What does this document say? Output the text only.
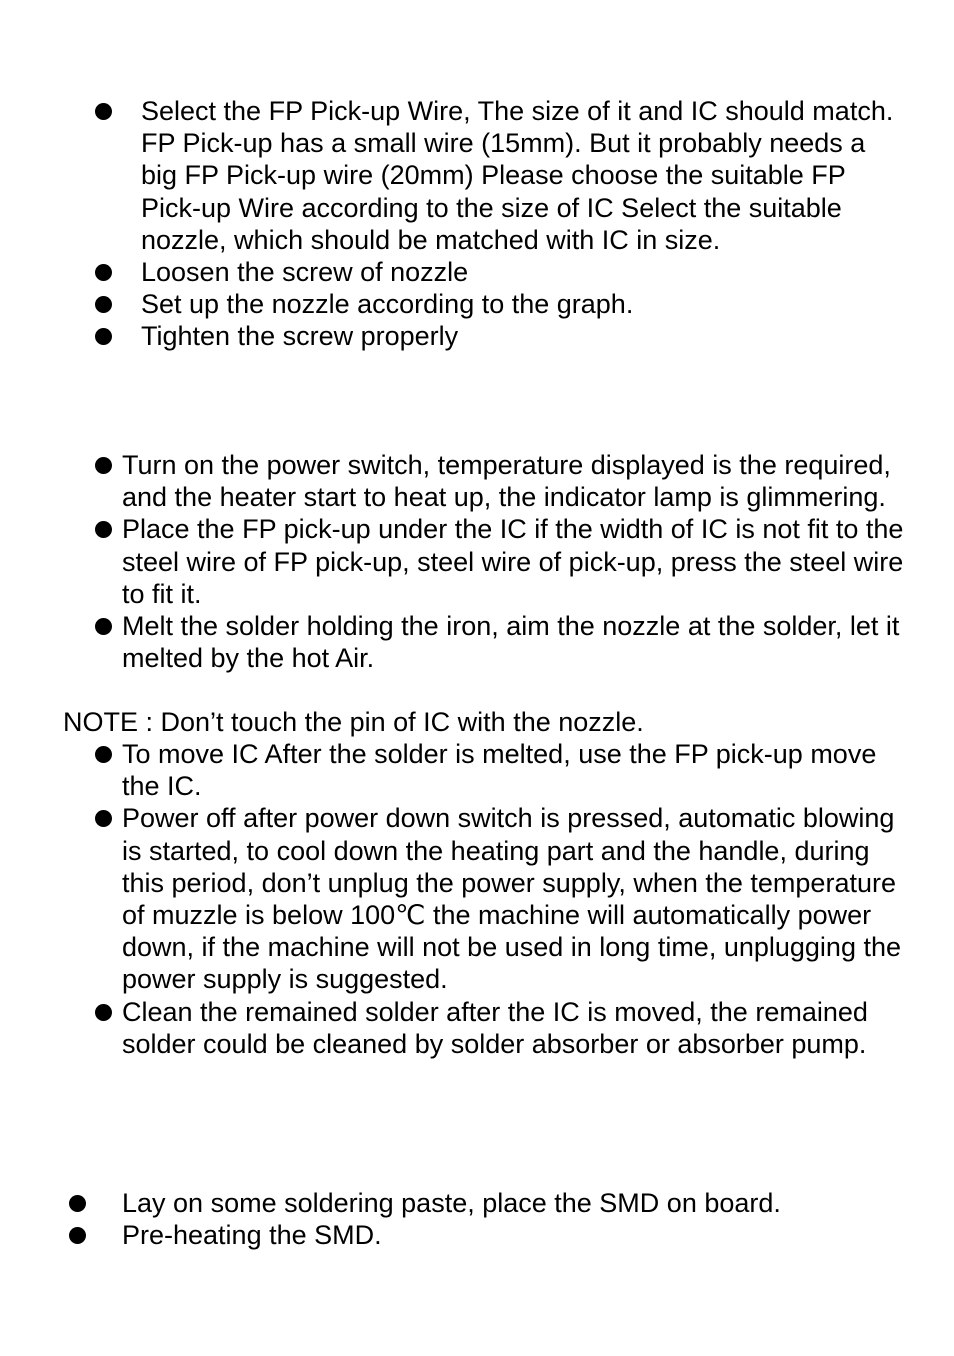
Select the FP Pick-up Wire, The size of it and IC should match. FP Pick-up has a small wire (15mm). But it probably needs a big FP Pick-up wire (20mm) Please choose the suitable FP Pick-up Wire according to the size of IC Select the suitable nozzle, which should be matched with IC in size.
Loosen the screw of nozzle
Set up the nozzle according to the graph.
Tighten the screw properly
Turn on the power switch, temperature displayed is the required, and the heater start to heat up, the indicator lamp is glimmering.
Place the FP pick-up under the IC if the width of IC is not fit to the steel wire of FP pick-up, steel wire of pick-up, press the steel wire to fit it.
Melt the solder holding the iron, aim the nozzle at the solder, let it melted by the hot Air.
NOTE : Don’t touch the pin of IC with the nozzle.
To move IC After the solder is melted, use the FP pick-up move the IC.
Power off after power down switch is pressed, automatic blowing is started, to cool down the heating part and the handle, during this period, don’t unplug the power supply, when the temperature of muzzle is below 100℃ the machine will automatically power down, if the machine will not be used in long time, unplugging the power supply is suggested.
Clean the remained solder after the IC is moved, the remained solder could be cleaned by solder absorber or absorber pump.
Lay on some soldering paste, place the SMD on board.
Pre-heating the SMD.
